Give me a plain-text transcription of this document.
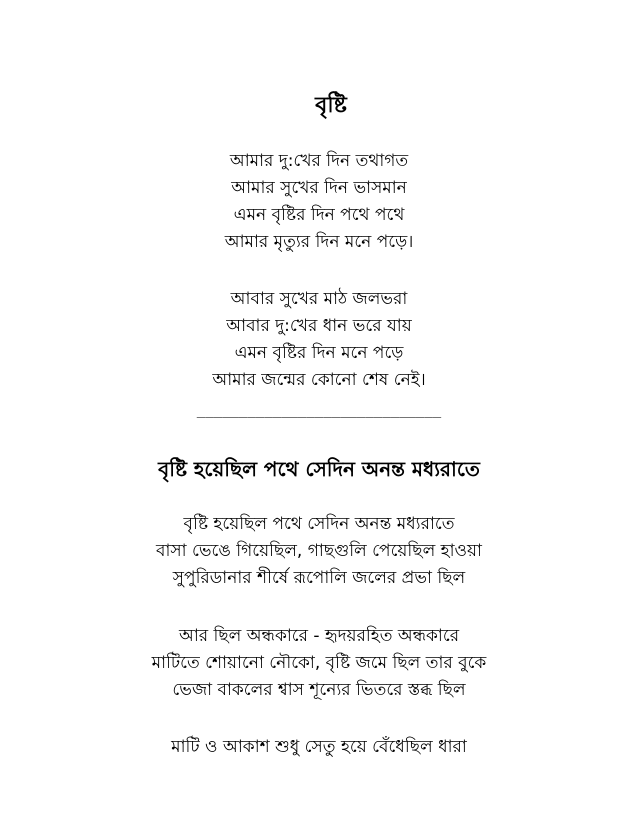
বৃষ্টি
আমার দু:খের দিন তথাগত
আমার সুখের দিন ভাসমান
এমন বৃষ্টির দিন পথে পথে
আমার মৃত্যুর দিন মনে পড়ে।
আবার সুখের মাঠ জলভরা
আবার দু:খের ধান ভরে যায়
এমন বৃষ্টির দিন মনে পড়ে
আমার জন্মের কোনো শেষ নেই।
_____________________________
বৃষ্টি হয়েছিল পথে সেদিন অনন্ত মধ্যরাতে
বৃষ্টি হয়েছিল পথে সেদিন অনন্ত মধ্যরাতে
বাসা ভেঙে গিয়েছিল, গাছগুলি পেয়েছিল হাওয়া
সুপুরিডানার শীর্ষে রূপোলি জলের প্রভা ছিল
আর ছিল অন্ধকারে - হৃদয়রহিত অন্ধকারে
মাটিতে শোয়ানো নৌকো, বৃষ্টি জমে ছিল তার বুকে
ভেজা বাকলের শ্বাস শূন্যের ভিতরে স্তব্ধ ছিল
মাটি ও আকাশ শুধু সেতু হয়ে বেঁধেছিল ধারা
